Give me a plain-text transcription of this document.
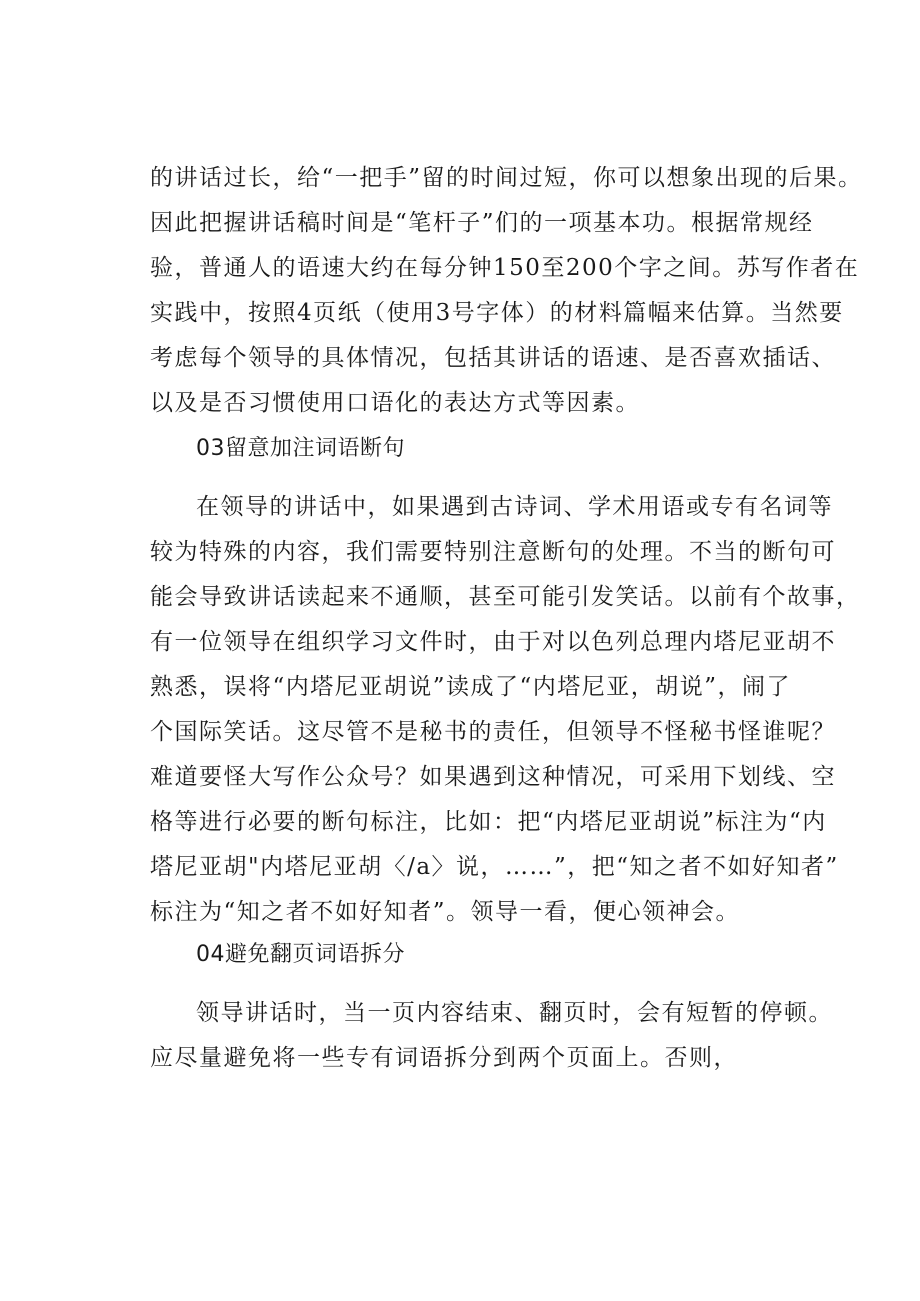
的讲话过长，给“一把手”留的时间过短，你可以想象出现的后果。
因此把握讲话稿时间是“笔杆子”们的一项基本功。根据常规经
验，普通人的语速大约在每分钟150至200个字之间。苏写作者在
实践中，按照4页纸（使用3号字体）的材料篇幅来估算。当然要
考虑每个领导的具体情况，包括其讲话的语速、是否喜欢插话、
以及是否习惯使用口语化的表达方式等因素。
03留意加注词语断句
在领导的讲话中，如果遇到古诗词、学术用语或专有名词等
较为特殊的内容，我们需要特别注意断句的处理。不当的断句可
能会导致讲话读起来不通顺，甚至可能引发笑话。以前有个故事，
有一位领导在组织学习文件时，由于对以色列总理内塔尼亚胡不
熟悉，误将“内塔尼亚胡说”读成了“内塔尼亚，胡说”，闹了
个国际笑话。这尽管不是秘书的责任，但领导不怪秘书怪谁呢？
难道要怪大写作公众号？如果遇到这种情况，可采用下划线、空
格等进行必要的断句标注，比如：把“内塔尼亚胡说”标注为“内
塔尼亚胡"内塔尼亚胡〈/a〉说，……”，把“知之者不如好知者”
标注为“知之者不如好知者”。领导一看，便心领神会。
04避免翻页词语拆分
领导讲话时，当一页内容结束、翻页时，会有短暂的停顿。
应尽量避免将一些专有词语拆分到两个页面上。否则，
